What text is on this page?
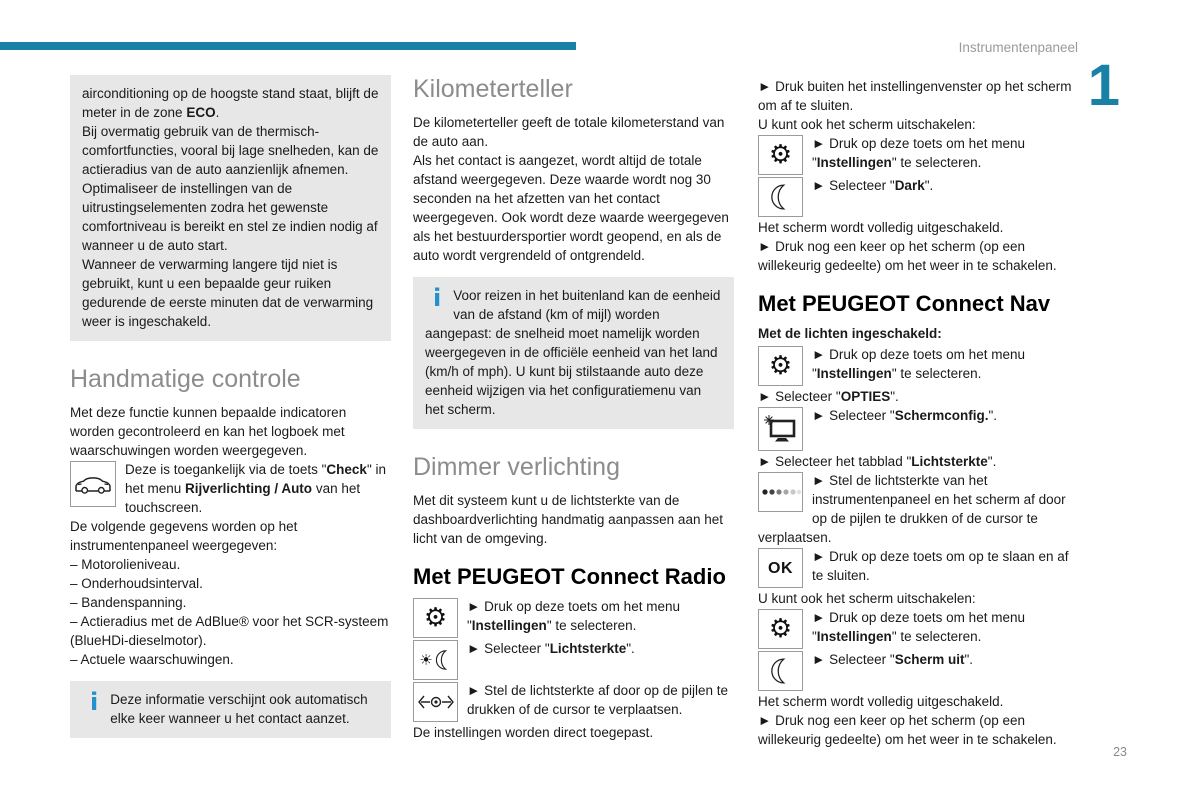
Instrumentenpaneel
1
23
airconditioning op de hoogste stand staat, blijft de meter in de zone ECO.
Bij overmatig gebruik van de thermisch-comfortfuncties, vooral bij lage snelheden, kan de actieradius van de auto aanzienlijk afnemen.
Optimaliseer de instellingen van de uitrustingselementen zodra het gewenste comfortniveau is bereikt en stel ze indien nodig af wanneer u de auto start.
Wanneer de verwarming langere tijd niet is gebruikt, kunt u een bepaalde geur ruiken gedurende de eerste minuten dat de verwarming weer is ingeschakeld.
Handmatige controle
Met deze functie kunnen bepaalde indicatoren worden gecontroleerd en kan het logboek met waarschuwingen worden weergegeven.
Deze is toegankelijk via de toets "Check" in het menu Rijverlichting / Auto van het touchscreen.
De volgende gegevens worden op het instrumentenpaneel weergegeven:
– Motorolieniveau.
– Onderhoudsinterval.
– Bandenspanning.
– Actieradius met de AdBlue® voor het SCR-systeem (BlueHDi-dieselmotor).
– Actuele waarschuwingen.
i Deze informatie verschijnt ook automatisch elke keer wanneer u het contact aanzet.
Kilometerteller
De kilometerteller geeft de totale kilometerstand van de auto aan.
Als het contact is aangezet, wordt altijd de totale afstand weergegeven. Deze waarde wordt nog 30 seconden na het afzetten van het contact weergegeven. Ook wordt deze waarde weergegeven als het bestuurdersportier wordt geopend, en als de auto wordt vergrendeld of ontgrendeld.
i Voor reizen in het buitenland kan de eenheid van de afstand (km of mijl) worden aangepast: de snelheid moet namelijk worden weergegeven in de officiële eenheid van het land (km/h of mph). U kunt bij stilstaande auto deze eenheid wijzigen via het configuratiemenu van het scherm.
Dimmer verlichting
Met dit systeem kunt u de lichtsterkte van de dashboardverlichting handmatig aanpassen aan het licht van de omgeving.
Met PEUGEOT Connect Radio
⚙ ► Druk op deze toets om het menu "Instellingen" te selecteren.
☀
► Selecteer "Lichtsterkte".
► Stel de lichtsterkte af door op de pijlen te drukken of de cursor te verplaatsen.
De instellingen worden direct toegepast.
► Druk buiten het instellingenvenster op het scherm om af te sluiten.
U kunt ook het scherm uitschakelen:
⚙ ► Druk op deze toets om het menu "Instellingen" te selecteren.
► Selecteer "Dark".
Het scherm wordt volledig uitgeschakeld.
► Druk nog een keer op het scherm (op een willekeurig gedeelte) om het weer in te schakelen.
Met PEUGEOT Connect Nav
Met de lichten ingeschakeld:
⚙ ► Druk op deze toets om het menu "Instellingen" te selecteren.
► Selecteer "OPTIES".
► Selecteer "Schermconfig.".
► Selecteer het tabblad "Lichtsterkte".
► Stel de lichtsterkte van het instrumentenpaneel en het scherm af door op de pijlen te drukken of de cursor te verplaatsen.
OK
► Druk op deze toets om op te slaan en af te sluiten.
U kunt ook het scherm uitschakelen:
⚙ ► Druk op deze toets om het menu "Instellingen" te selecteren.
► Selecteer "Scherm uit".
Het scherm wordt volledig uitgeschakeld.
► Druk nog een keer op het scherm (op een willekeurig gedeelte) om het weer in te schakelen.
